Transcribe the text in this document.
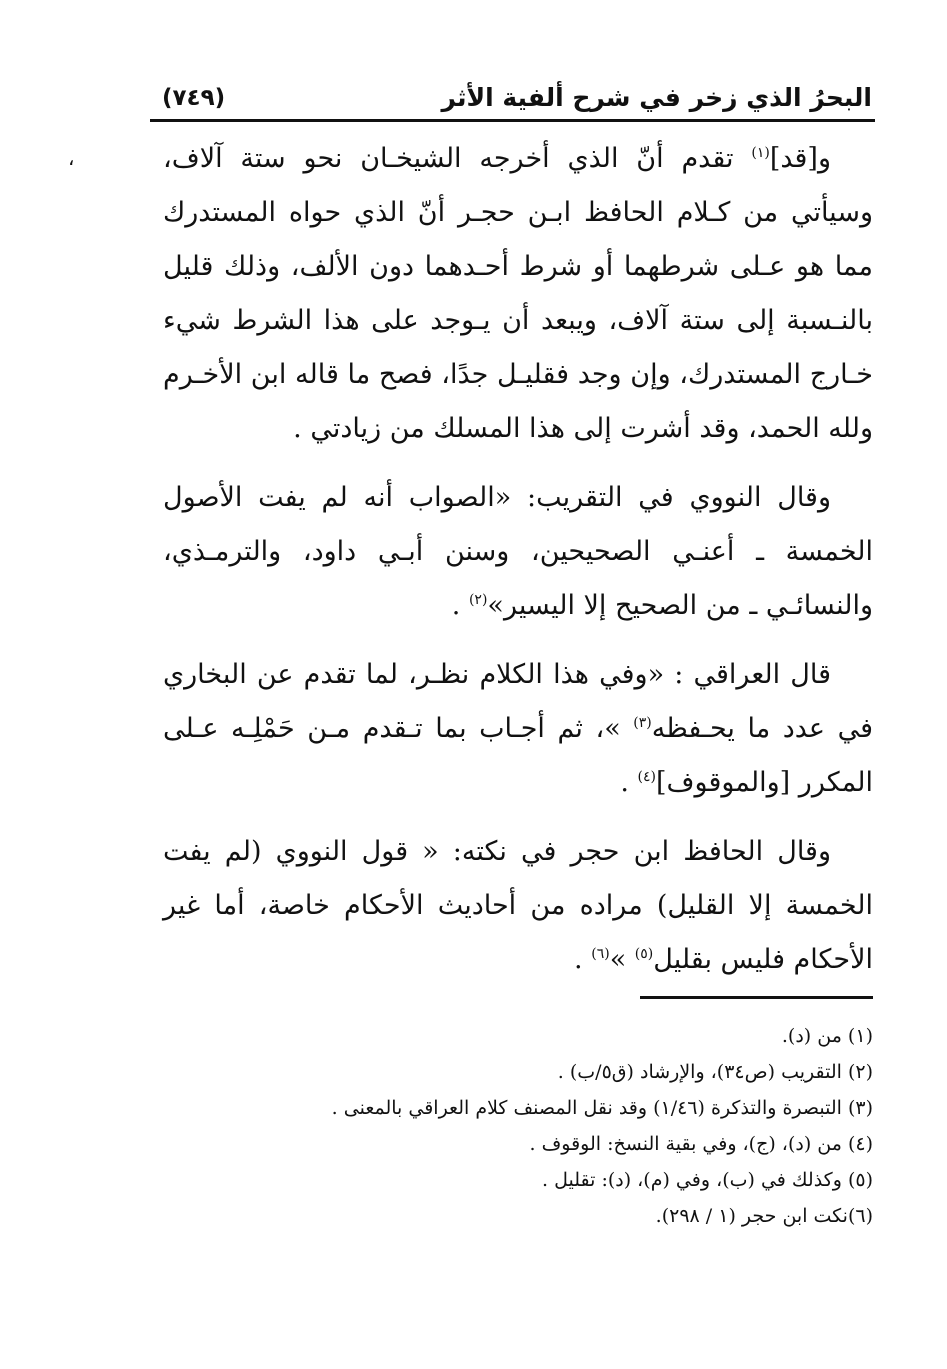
البحرُ الذي زخر في شرح ألفية الأثر
(٧٤٩)
،	و[قد]$^{(١)}$ تقدم أنّ الذي أخرجه الشيخـان نحو ستة آلاف، وسيأتي من كـلام الحافظ ابـن حجـر أنّ الذي حواه المستدرك مما هو عـلى شرطهما أو شرط أحـدهما دون الألف، وذلك قليل بالنـسبة إلى ستة آلاف، ويبعد أن يـوجد على هذا الشرط شيء خـارج المستدرك، وإن وجد فقليـل جدًا، فصح ما قاله ابن الأخـرم ولله الحمد، وقد أشرت إلى هذا المسلك من زيادتي .

وقال النووي في التقريب: «الصواب أنه لم يفت الأصول الخمسة ـ أعنـي الصحيحين، وسنن أبـي داود، والترمـذي، والنسائـي ـ من الصحيح إلا اليسير»$^{(٢)}$ .

قال العراقي : «وفي هذا الكلام نظـر، لما تقدم عن البخاري في عدد ما يحـفظه$^{(٣)}$ »، ثم أجـاب بما تـقدم مـن حَمْلِـه عـلى المكرر [والموقوف]$^{(٤)}$ .

وقال الحافظ ابن حجر في نكته: « قول النووي (لم يفت الخمسة إلا القليل) مراده من أحاديث الأحكام خاصة، أما غير الأحكام فليس بقليل$^{(٥)}$ »$^{(٦)}$ .

(١) من (د).
(٢) التقريب (ص٣٤)، والإرشاد (ق٥/ب) .
(٣) التبصرة والتذكرة (١/٤٦) وقد نقل المصنف كلام العراقي بالمعنى .
(٤) من (د)، (ج)، وفي بقية النسخ: الوقوف .
(٥) وكذلك في (ب)، وفي (م)، (د): تقليل .
(٦)نكت ابن حجر (١ / ٢٩٨).
